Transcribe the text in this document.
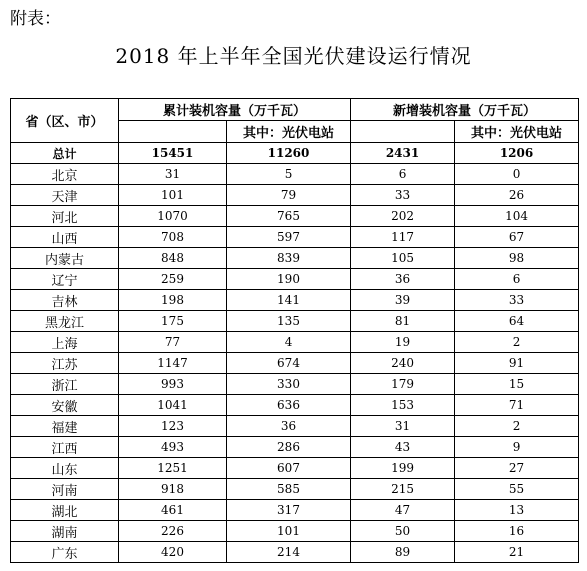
附表：
2018 年上半年全国光伏建设运行情况
省（区、市）	累计装机容量（万千瓦）		新增装机容量（万千瓦）	
		其中：光伏电站		其中：光伏电站
总计	15451	11260	2431	1206
北京	31	5	6	0
天津	101	79	33	26
河北	1070	765	202	104
山西	708	597	117	67
内蒙古	848	839	105	98
辽宁	259	190	36	6
吉林	198	141	39	33
黑龙江	175	135	81	64
上海	77	4	19	2
江苏	1147	674	240	91
浙江	993	330	179	15
安徽	1041	636	153	71
福建	123	36	31	2
江西	493	286	43	9
山东	1251	607	199	27
河南	918	585	215	55
湖北	461	317	47	13
湖南	226	101	50	16
广东	420	214	89	21
